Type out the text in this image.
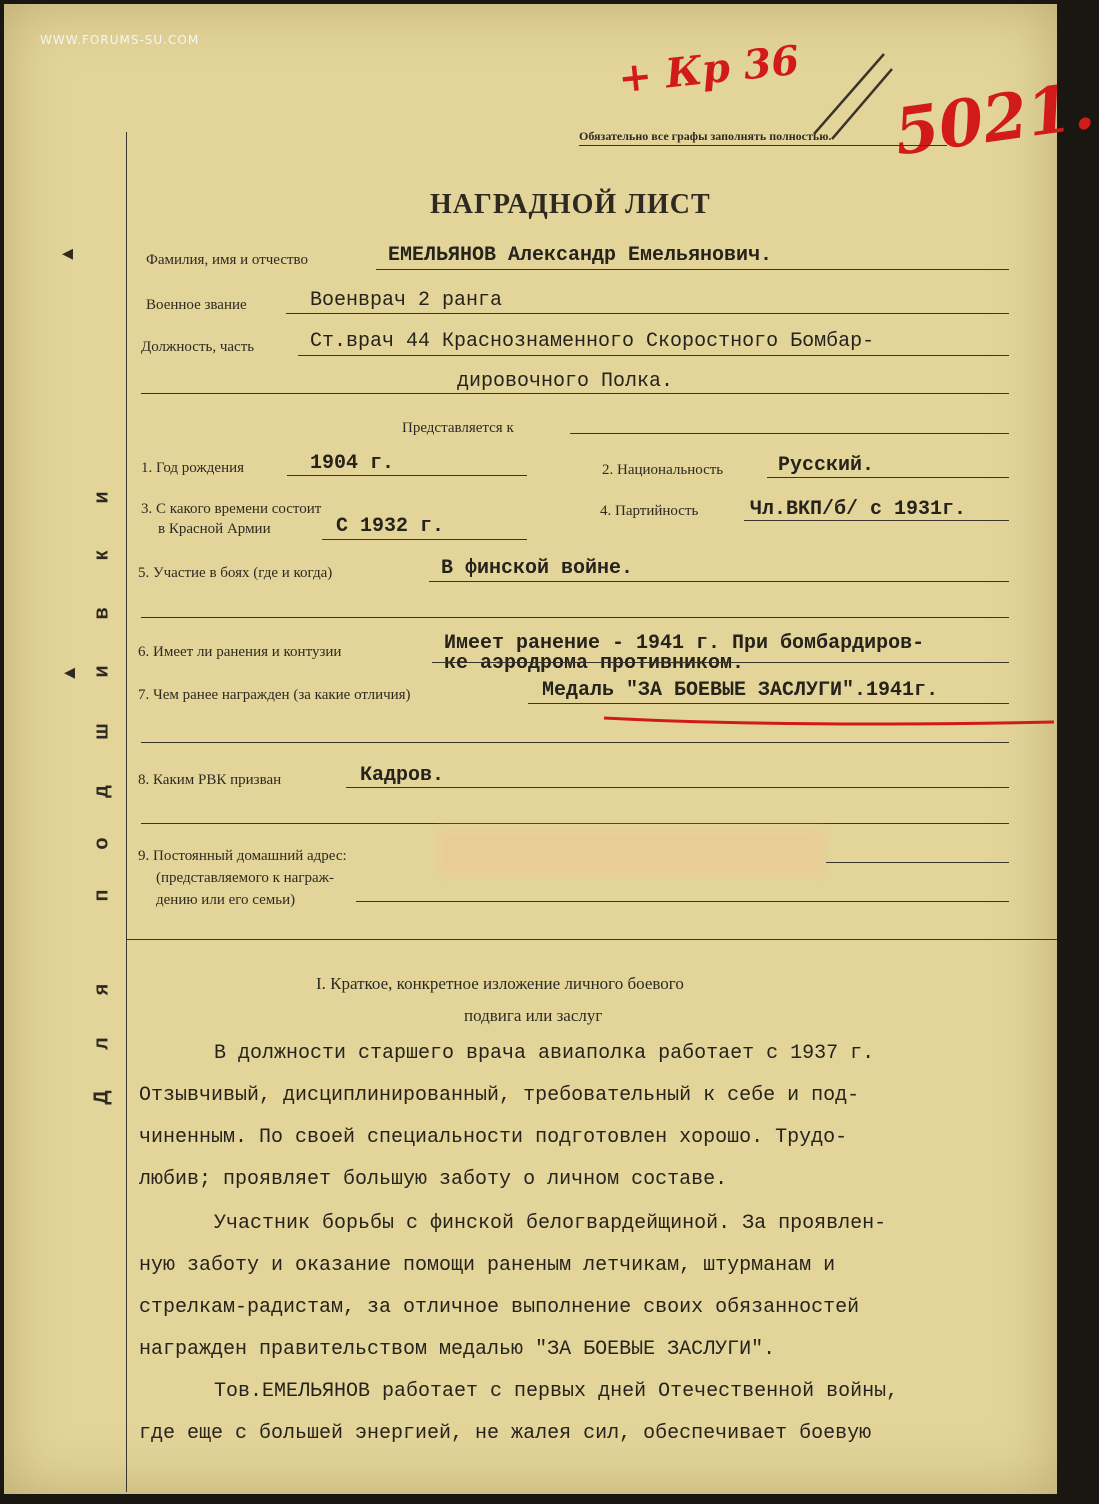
WWW.FORUMS-SU.COM	+ Кр 36 5021.
Обязательно все графы заполнять полностью.
◂
◂
Д
л
я
п
о
д
ш
и
в
к
и
НАГРАДНОЙ ЛИСТ
Фамилия, имя и отчество	ЕМЕЛЬЯНОВ Александр Емельянович.
Военное звание	Военврач 2 ранга
Должность, часть	Ст.врач 44 Краснознаменного Скоростного Бомбар-
дировочного Полка.
Представляется к
1. Год рождения	1904 г.	2. Национальность	Русский.
3. С какого времени состоит
в Красной Армии	С 1932 г.
4. Партийность	Чл.ВКП/б/ с 1931г.
5. Участие в боях (где и когда)	В финской войне.
6. Имеет ли ранения и контузии	Имеет ранение - 1941 г. При бомбардиров-
ке аэродрома противником.
7. Чем ранее награжден (за какие отличия)	Медаль "ЗА БОЕВЫЕ ЗАСЛУГИ".1941г.
8. Каким РВК призван	Кадров.
9. Постоянный домашний адрес:
(представляемого к награж-
дению или его семьи)
I. Краткое, конкретное изложение личного боевого
подвига или заслуг
В должности старшего врача авиаполка работает с 1937 г.
Отзывчивый, дисциплинированный, требовательный к себе и под-
чиненным. По своей специальности подготовлен хорошо. Трудо-
любив; проявляет большую заботу о личном составе.
Участник борьбы с финской белогвардейщиной. За проявлен-
ную заботу и оказание помощи раненым летчикам, штурманам и
стрелкам-радистам, за отличное выполнение своих обязанностей
награжден правительством медалью "ЗА БОЕВЫЕ ЗАСЛУГИ".
Тов.ЕМЕЛЬЯНОВ работает с первых дней Отечественной войны,
где еще с большей энергией, не жалея сил, обеспечивает боевую
